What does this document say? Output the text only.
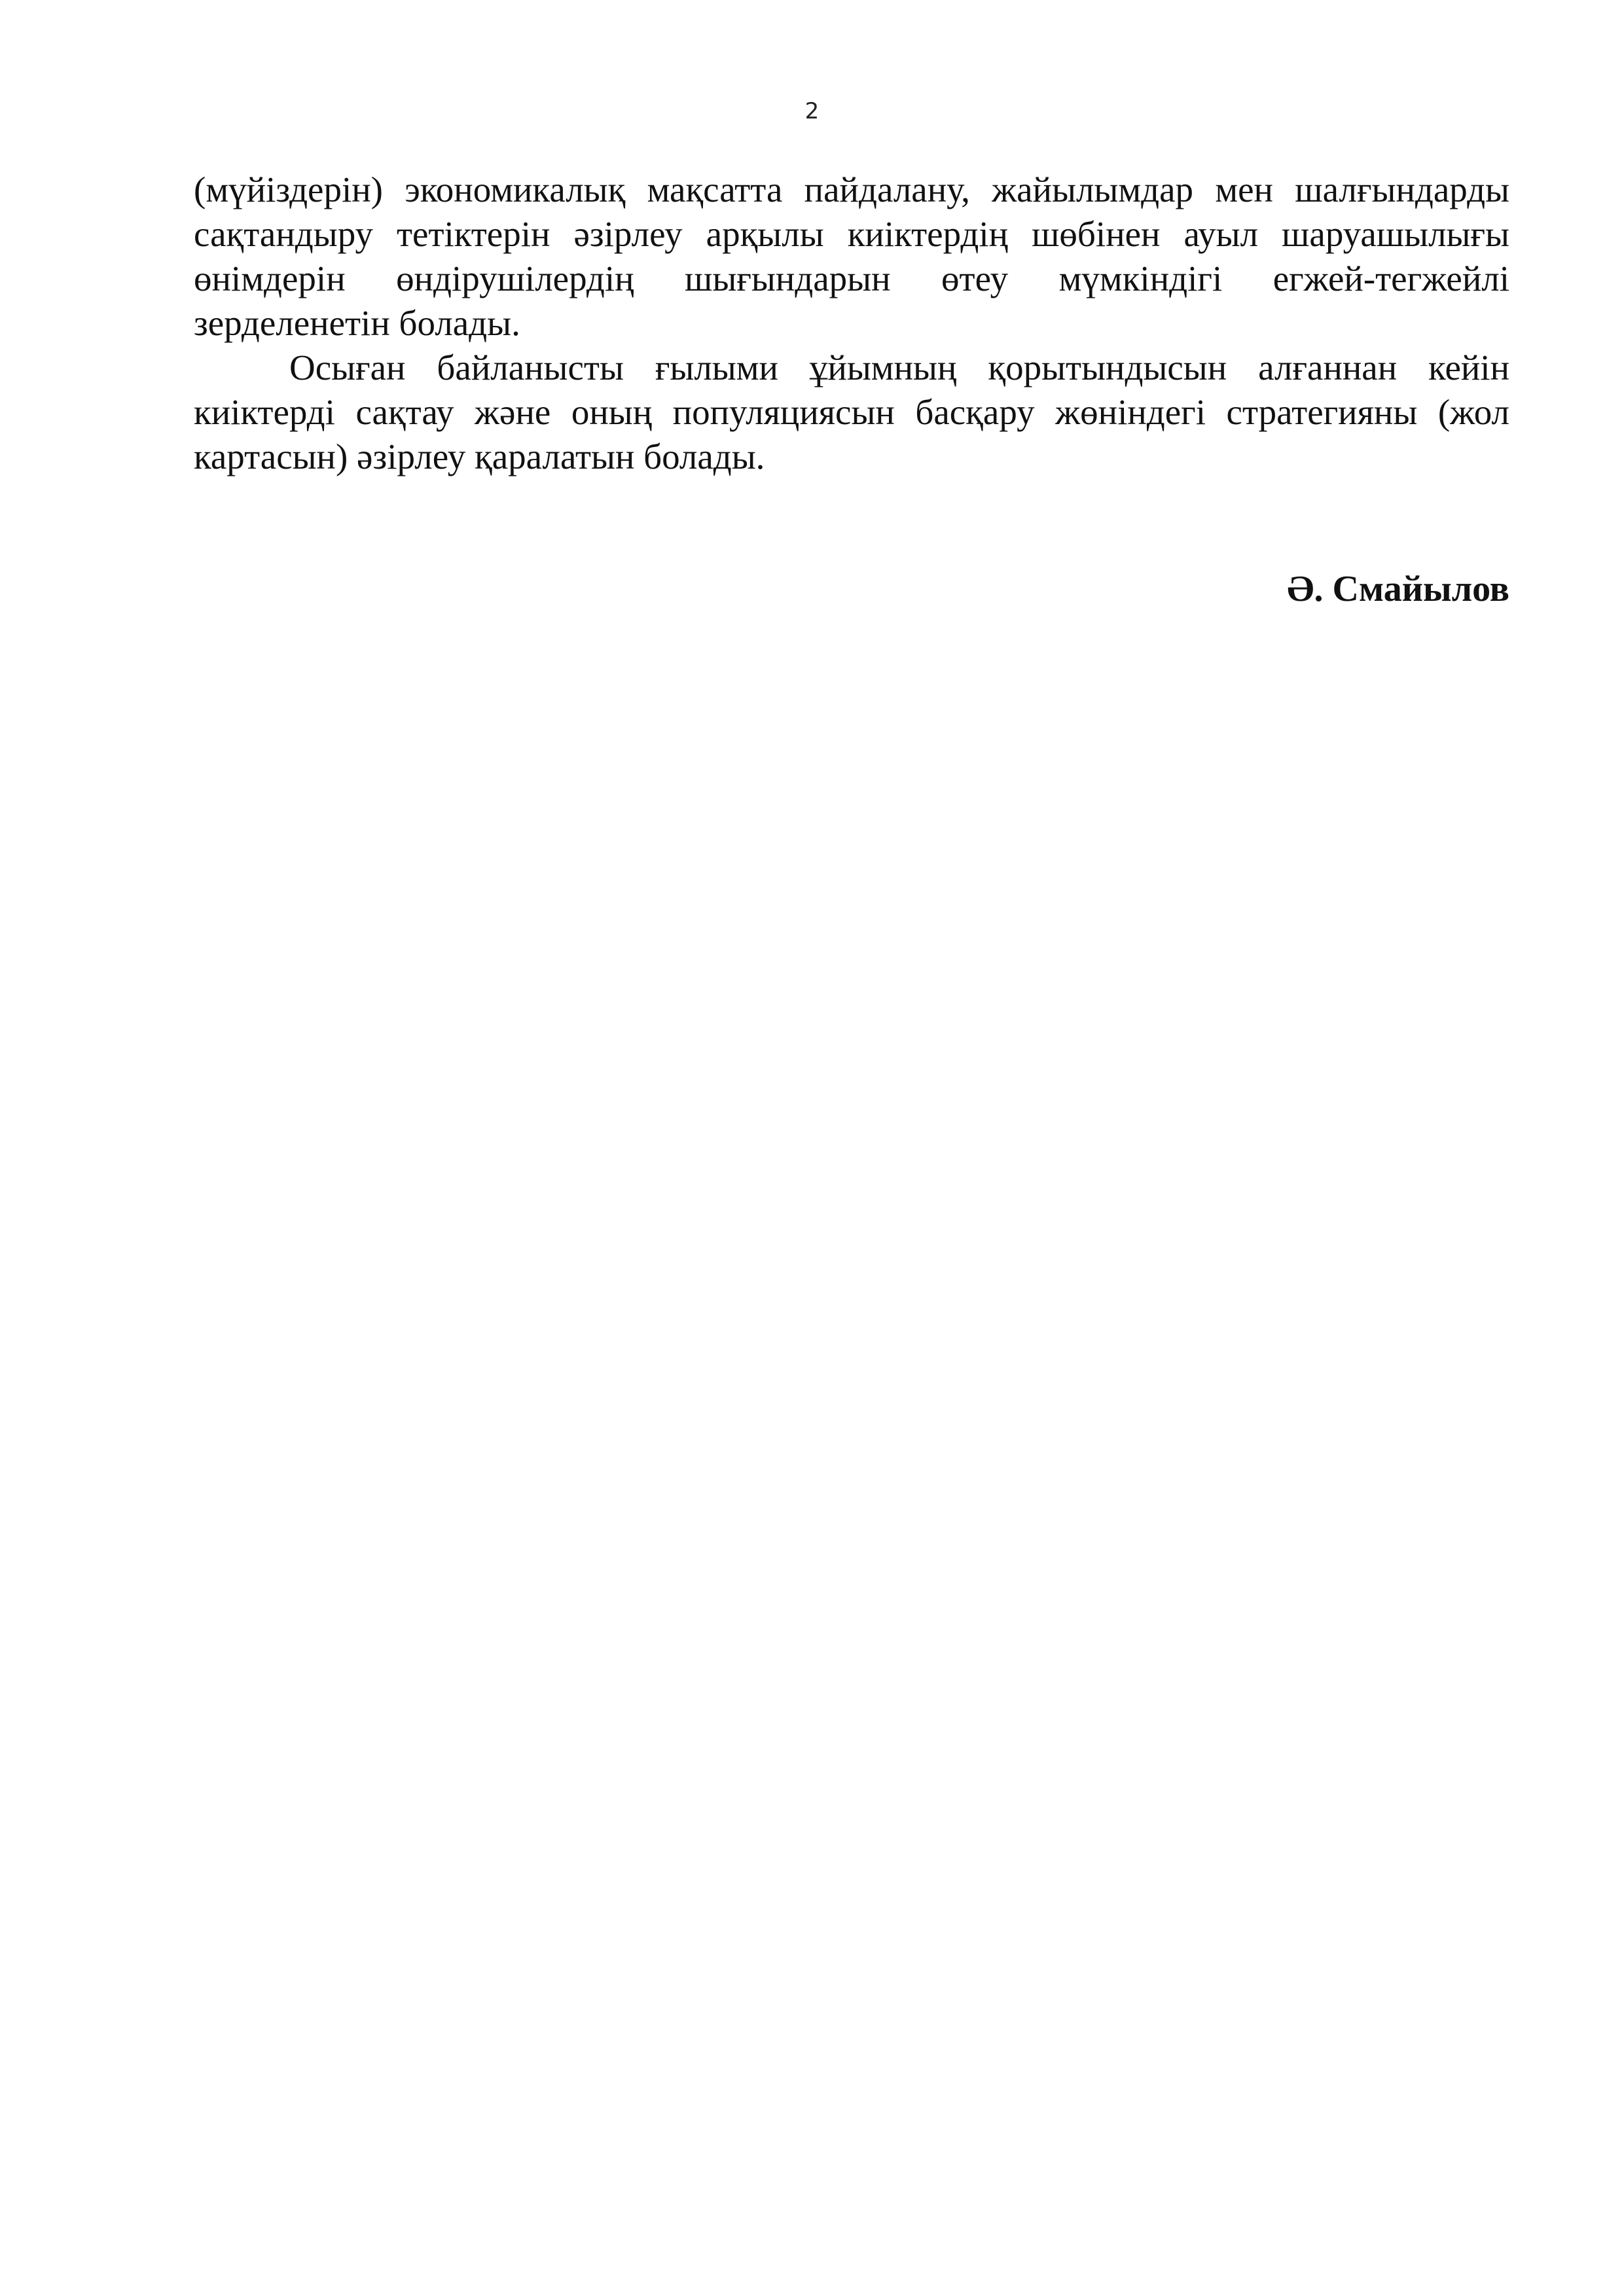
2
(мүйіздерін) экономикалық мақсатта пайдалану, жайылымдар мен шалғындарды
сақтандыру тетіктерін әзірлеу арқылы киіктердің шөбінен ауыл шаруашылығы
өнімдерін өндірушілердің шығындарын өтеу мүмкіндігі егжей-тегжейлі
зерделенетін болады.
Осыған байланысты ғылыми ұйымның қорытындысын алғаннан кейін
киіктерді сақтау және оның популяциясын басқару жөніндегі стратегияны (жол
картасын) әзірлеу қаралатын болады.
Ә. Смайылов
